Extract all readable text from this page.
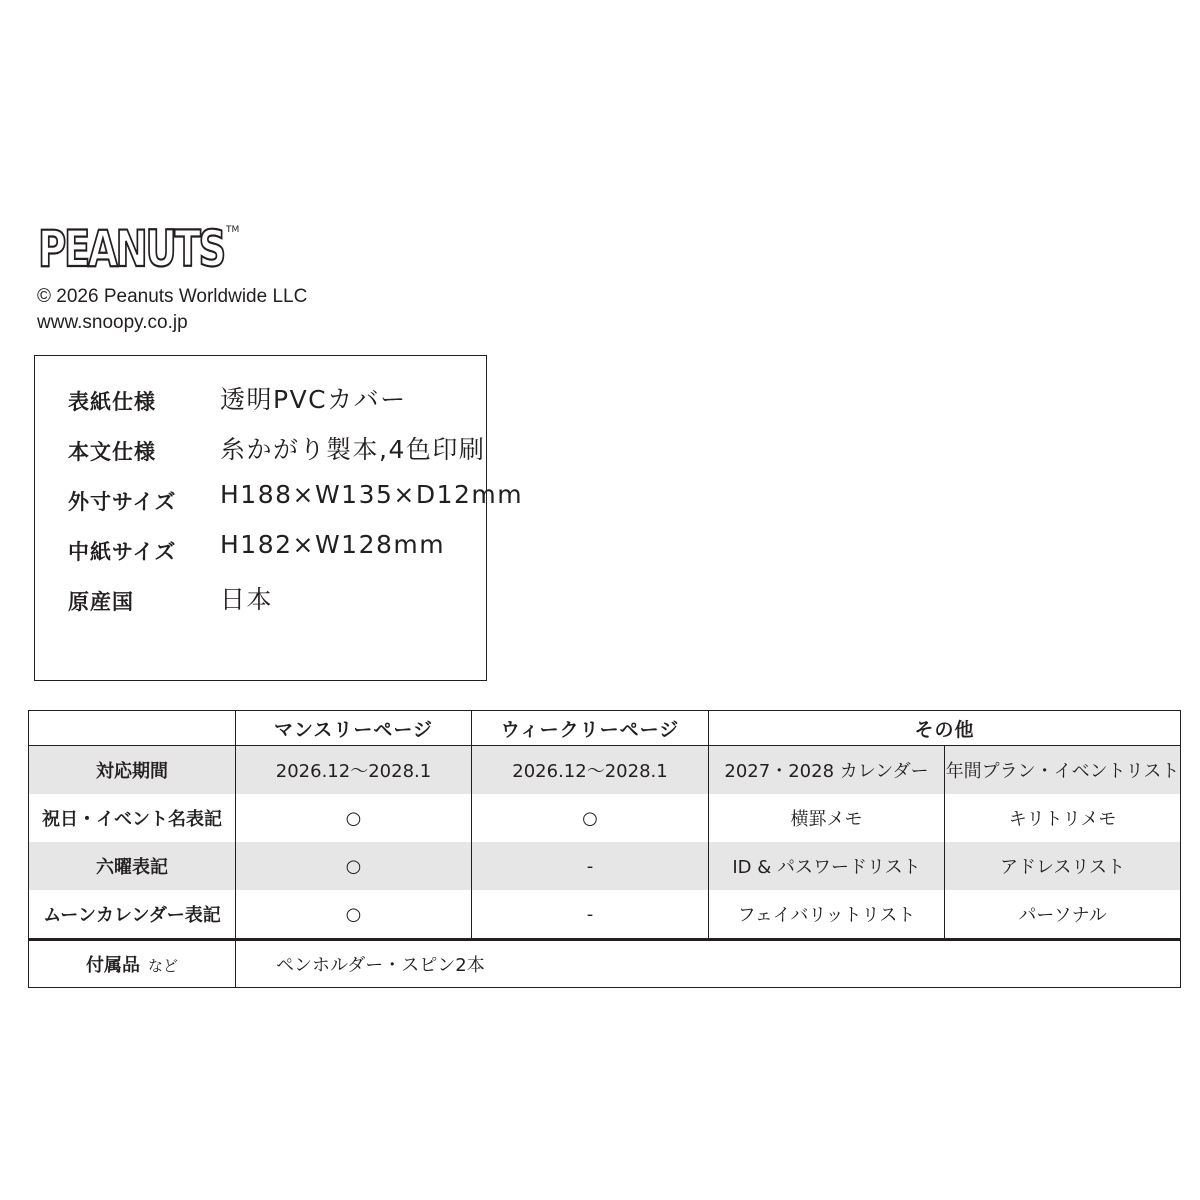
PEANUTS TM
© 2026 Peanuts Worldwide LLC
www.snoopy.co.jp
表紙仕様	透明PVCカバー
本文仕様	糸かがり製本,4色印刷
外寸サイズ H188×W135×D12mm
中紙サイズ H182×W128mm
原産国	日本
	マンスリーページ	ウィークリーページ	その他	
対応期間	2026.12～2028.1	2026.12～2028.1	2027・2028 カレンダー	年間プラン・イベントリスト
祝日・イベント名表記	○	○	横罫メモ	キリトリメモ
六曜表記	○	-	ID & パスワードリスト	アドレスリスト
ムーンカレンダー表記	○	-	フェイバリットリスト	パーソナル
付属品 など	ペンホルダー・スピン2本			
